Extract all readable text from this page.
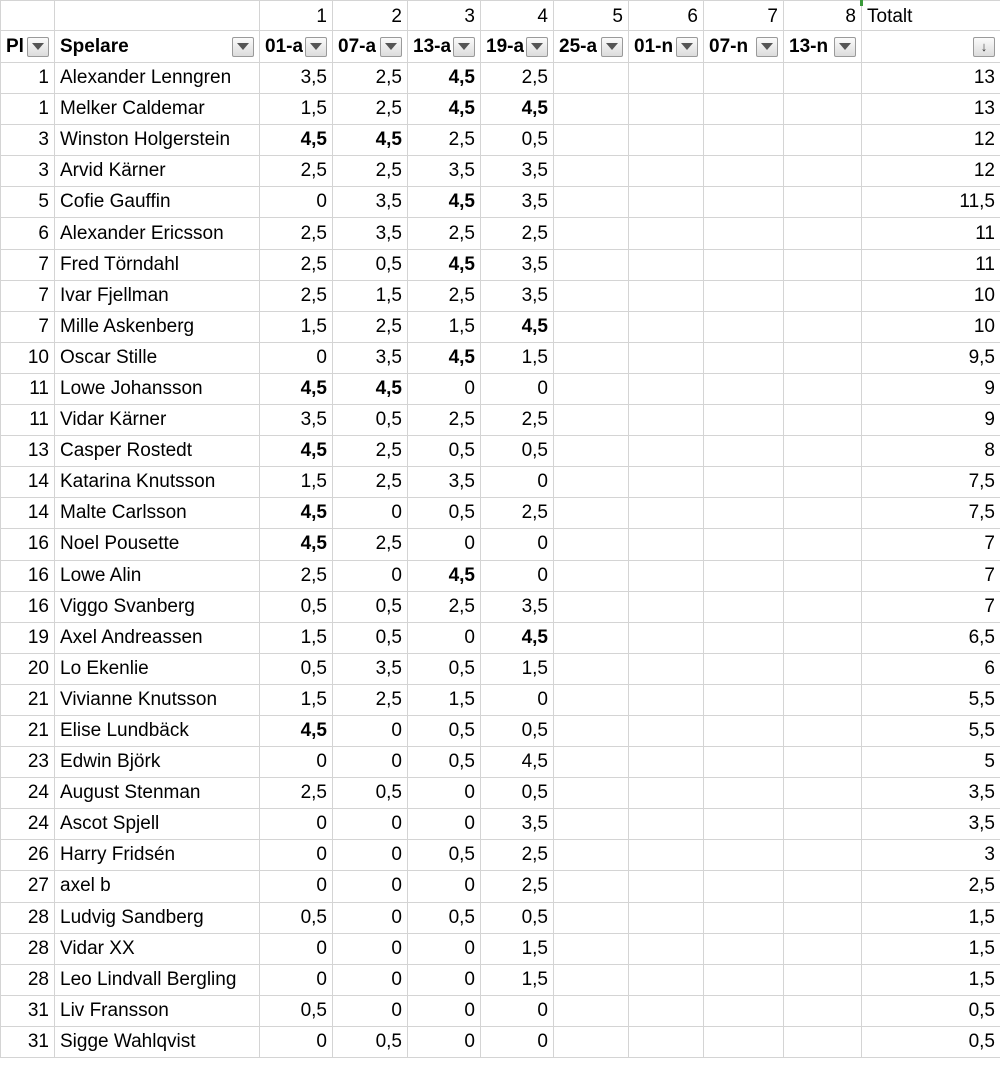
		1	2	3	4	5	6	7	8	Totalt

Pl	Spelare	01-a	07-a	13-a	19-a	25-a	01-n	07-n	13-n	↓

1	Alexander Lenngren	3,5	2,5	4,5	2,5					13
1	Melker Caldemar	1,5	2,5	4,5	4,5					13
3	Winston Holgerstein	4,5	4,5	2,5	0,5					12
3	Arvid Kärner	2,5	2,5	3,5	3,5					12
5	Cofie Gauffin	0	3,5	4,5	3,5					11,5
6	Alexander Ericsson	2,5	3,5	2,5	2,5					11
7	Fred Törndahl	2,5	0,5	4,5	3,5					11
7	Ivar Fjellman	2,5	1,5	2,5	3,5					10
7	Mille Askenberg	1,5	2,5	1,5	4,5					10
10	Oscar Stille	0	3,5	4,5	1,5					9,5
11	Lowe Johansson	4,5	4,5	0	0					9
11	Vidar Kärner	3,5	0,5	2,5	2,5					9
13	Casper Rostedt	4,5	2,5	0,5	0,5					8
14	Katarina Knutsson	1,5	2,5	3,5	0					7,5
14	Malte Carlsson	4,5	0	0,5	2,5					7,5
16	Noel Pousette	4,5	2,5	0	0					7
16	Lowe Alin	2,5	0	4,5	0					7
16	Viggo Svanberg	0,5	0,5	2,5	3,5					7
19	Axel Andreassen	1,5	0,5	0	4,5					6,5
20	Lo Ekenlie	0,5	3,5	0,5	1,5					6
21	Vivianne Knutsson	1,5	2,5	1,5	0					5,5
21	Elise Lundbäck	4,5	0	0,5	0,5					5,5
23	Edwin Björk	0	0	0,5	4,5					5
24	August Stenman	2,5	0,5	0	0,5					3,5
24	Ascot Spjell	0	0	0	3,5					3,5
26	Harry Fridsén	0	0	0,5	2,5					3
27	axel b	0	0	0	2,5					2,5
28	Ludvig Sandberg	0,5	0	0,5	0,5					1,5
28	Vidar XX	0	0	0	1,5					1,5
28	Leo Lindvall Bergling	0	0	0	1,5					1,5
31	Liv Fransson	0,5	0	0	0					0,5
31	Sigge Wahlqvist	0	0,5	0	0					0,5
